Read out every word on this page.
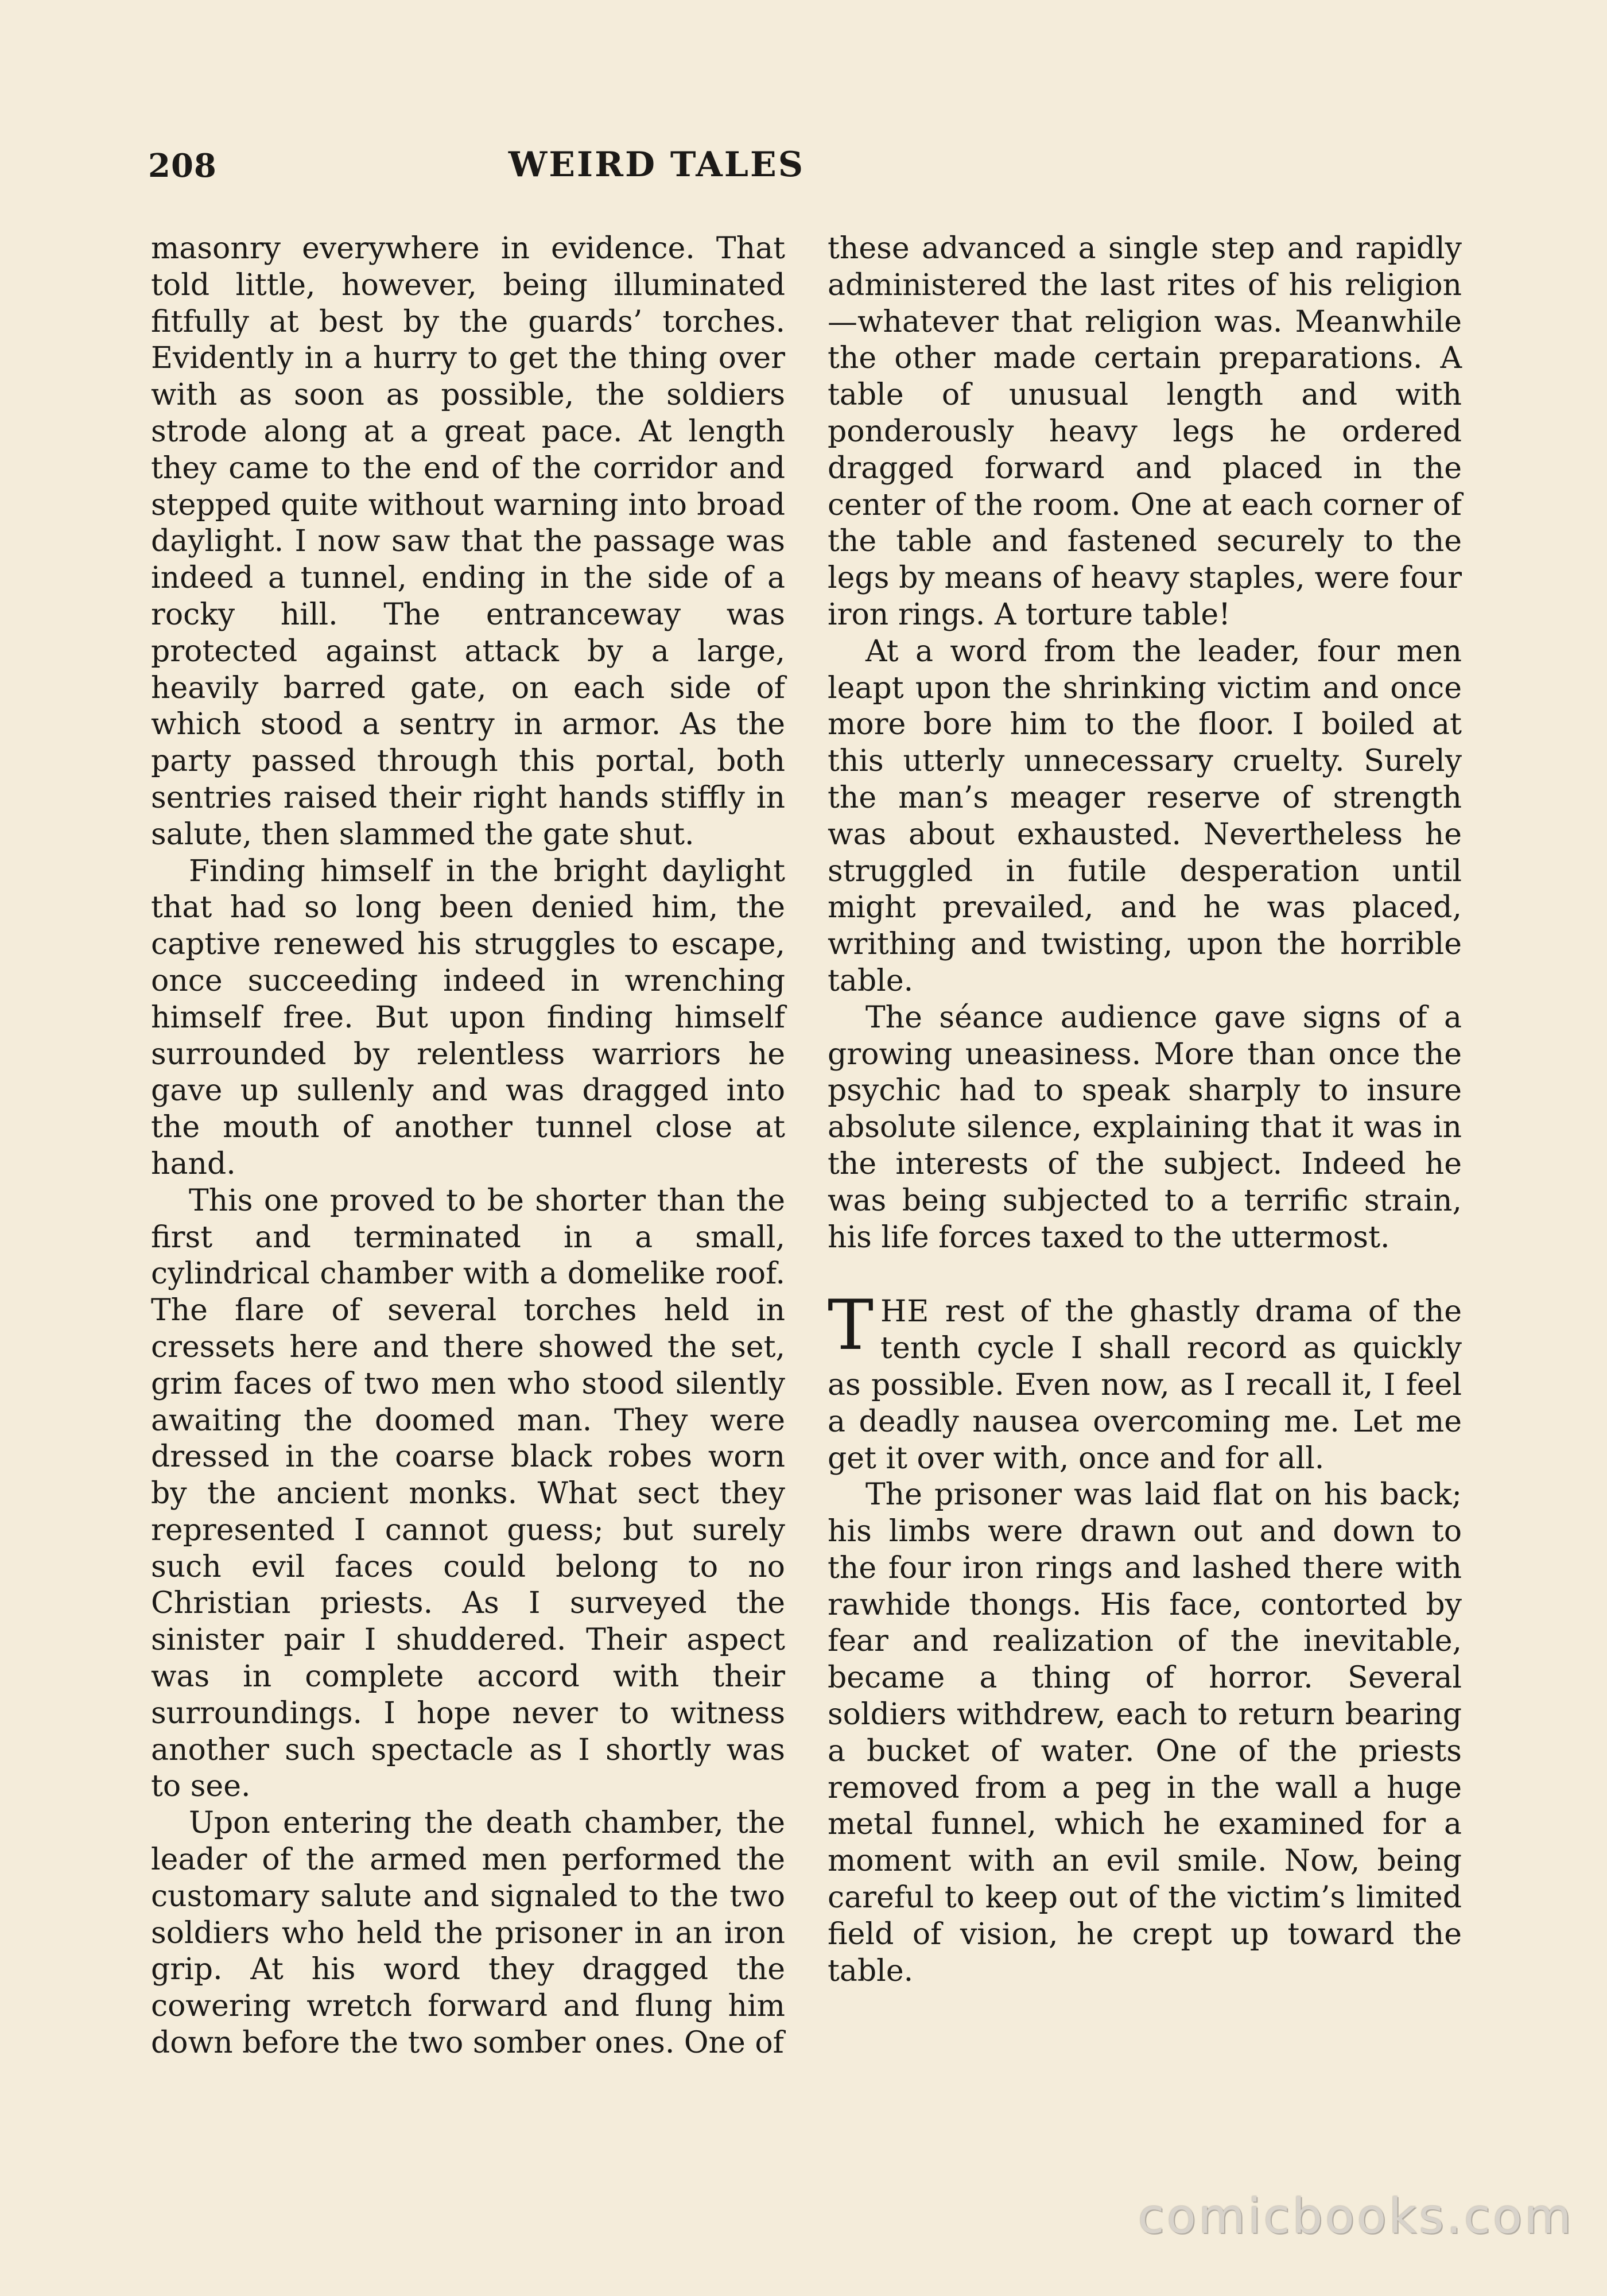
208	WEIRD TALES

masonry everywhere in evidence. That told little, however, being illuminated fitfully at best by the guards’ torches. Evidently in a hurry to get the thing over with as soon as possible, the soldiers strode along at a great pace. At length they came to the end of the corridor and stepped quite without warning into broad daylight. I now saw that the passage was indeed a tunnel, ending in the side of a rocky hill. The entranceway was protected against attack by a large, heavily barred gate, on each side of which stood a sentry in armor. As the party passed through this portal, both sentries raised their right hands stiffly in salute, then slammed the gate shut.

Finding himself in the bright daylight that had so long been denied him, the captive renewed his struggles to escape, once succeeding indeed in wrenching himself free. But upon finding himself surrounded by relentless warriors he gave up sullenly and was dragged into the mouth of another tunnel close at hand.

This one proved to be shorter than the first and terminated in a small, cylindrical chamber with a domelike roof. The flare of several torches held in cressets here and there showed the set, grim faces of two men who stood silently awaiting the doomed man. They were dressed in the coarse black robes worn by the ancient monks. What sect they represented I cannot guess; but surely such evil faces could belong to no Christian priests. As I surveyed the sinister pair I shuddered. Their aspect was in complete accord with their surroundings. I hope never to witness another such spectacle as I shortly was to see.

Upon entering the death chamber, the leader of the armed men performed the customary salute and signaled to the two soldiers who held the prisoner in an iron grip. At his word they dragged the cowering wretch forward and flung him down before the two somber ones. One of

these advanced a single step and rapidly administered the last rites of his religion—whatever that religion was. Meanwhile the other made certain preparations. A table of unusual length and with ponderously heavy legs he ordered dragged forward and placed in the center of the room. One at each corner of the table and fastened securely to the legs by means of heavy staples, were four iron rings. A torture table!

At a word from the leader, four men leapt upon the shrinking victim and once more bore him to the floor. I boiled at this utterly unnecessary cruelty. Surely the man’s meager reserve of strength was about exhausted. Nevertheless he struggled in futile desperation until might prevailed, and he was placed, writhing and twisting, upon the horrible table.

The séance audience gave signs of a growing uneasiness. More than once the psychic had to speak sharply to insure absolute silence, explaining that it was in the interests of the subject. Indeed he was being subjected to a terrific strain, his life forces taxed to the uttermost.

THE rest of the ghastly drama of the tenth cycle I shall record as quickly as possible. Even now, as I recall it, I feel a deadly nausea overcoming me. Let me get it over with, once and for all.

The prisoner was laid flat on his back; his limbs were drawn out and down to the four iron rings and lashed there with rawhide thongs. His face, contorted by fear and realization of the inevitable, became a thing of horror. Several soldiers withdrew, each to return bearing a bucket of water. One of the priests removed from a peg in the wall a huge metal funnel, which he examined for a moment with an evil smile. Now, being careful to keep out of the victim’s limited field of vision, he crept up toward the table.

comicbooks.com
